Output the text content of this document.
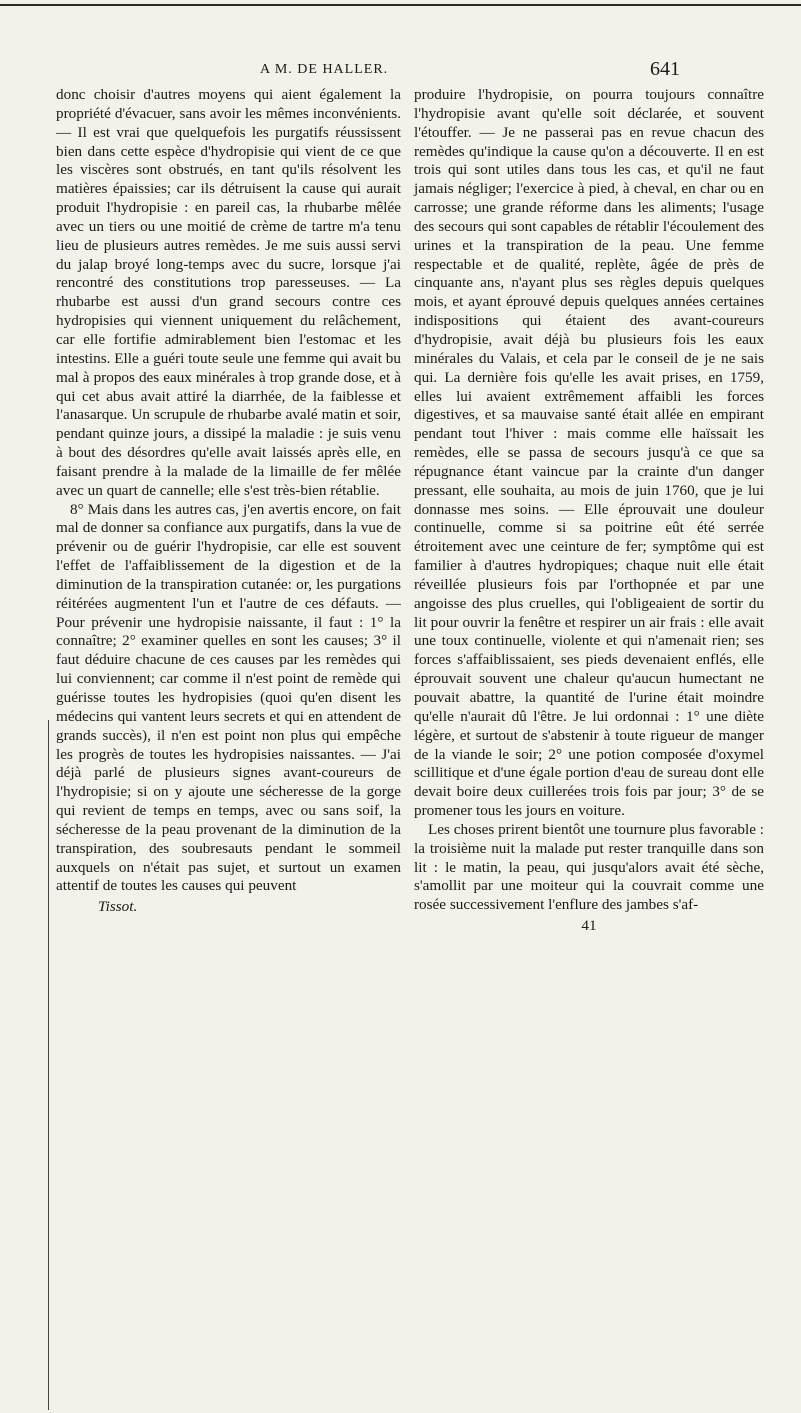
A M. DE HALLER.	641

donc choisir d'autres moyens qui aient également la propriété d'évacuer, sans avoir les mêmes inconvénients. — Il est vrai que quelquefois les purgatifs réussissent bien dans cette espèce d'hydropisie qui vient de ce que les viscères sont obstrués, en tant qu'ils résolvent les matières épaissies; car ils détruisent la cause qui aurait produit l'hydropisie : en pareil cas, la rhubarbe mêlée avec un tiers ou une moitié de crème de tartre m'a tenu lieu de plusieurs autres remèdes. Je me suis aussi servi du jalap broyé long-temps avec du sucre, lorsque j'ai rencontré des constitutions trop paresseuses. — La rhubarbe est aussi d'un grand secours contre ces hydropisies qui viennent uniquement du relâchement, car elle fortifie admirablement bien l'estomac et les intestins. Elle a guéri toute seule une femme qui avait bu mal à propos des eaux minérales à trop grande dose, et à qui cet abus avait attiré la diarrhée, de la faiblesse et l'anasarque. Un scrupule de rhubarbe avalé matin et soir, pendant quinze jours, a dissipé la maladie : je suis venu à bout des désordres qu'elle avait laissés après elle, en faisant prendre à la malade de la limaille de fer mêlée avec un quart de cannelle; elle s'est très-bien rétablie.

8° Mais dans les autres cas, j'en avertis encore, on fait mal de donner sa confiance aux purgatifs, dans la vue de prévenir ou de guérir l'hydropisie, car elle est souvent l'effet de l'affaiblissement de la digestion et de la diminution de la transpiration cutanée: or, les purgations réitérées augmentent l'un et l'autre de ces défauts. — Pour prévenir une hydropisie naissante, il faut : 1° la connaître; 2° examiner quelles en sont les causes; 3° il faut déduire chacune de ces causes par les remèdes qui lui conviennent; car comme il n'est point de remède qui guérisse toutes les hydropisies (quoi qu'en disent les médecins qui vantent leurs secrets et qui en attendent de grands succès), il n'en est point non plus qui empêche les progrès de toutes les hydropisies naissantes. — J'ai déjà parlé de plusieurs signes avant-coureurs de l'hydropisie; si on y ajoute une sécheresse de la gorge qui revient de temps en temps, avec ou sans soif, la sécheresse de la peau provenant de la diminution de la transpiration, des soubresauts pendant le sommeil auxquels on n'était pas sujet, et surtout un examen attentif de toutes les causes qui peuvent

Tissot.

produire l'hydropisie, on pourra toujours connaître l'hydropisie avant qu'elle soit déclarée, et souvent l'étouffer. — Je ne passerai pas en revue chacun des remèdes qu'indique la cause qu'on a découverte. Il en est trois qui sont utiles dans tous les cas, et qu'il ne faut jamais négliger; l'exercice à pied, à cheval, en char ou en carrosse; une grande réforme dans les aliments; l'usage des secours qui sont capables de rétablir l'écoulement des urines et la transpiration de la peau. Une femme respectable et de qualité, replète, âgée de près de cinquante ans, n'ayant plus ses règles depuis quelques mois, et ayant éprouvé depuis quelques années certaines indispositions qui étaient des avant-coureurs d'hydropisie, avait déjà bu plusieurs fois les eaux minérales du Valais, et cela par le conseil de je ne sais qui. La dernière fois qu'elle les avait prises, en 1759, elles lui avaient extrêmement affaibli les forces digestives, et sa mauvaise santé était allée en empirant pendant tout l'hiver : mais comme elle haïssait les remèdes, elle se passa de secours jusqu'à ce que sa répugnance étant vaincue par la crainte d'un danger pressant, elle souhaita, au mois de juin 1760, que je lui donnasse mes soins. — Elle éprouvait une douleur continuelle, comme si sa poitrine eût été serrée étroitement avec une ceinture de fer; symptôme qui est familier à d'autres hydropiques; chaque nuit elle était réveillée plusieurs fois par l'orthopnée et par une angoisse des plus cruelles, qui l'obligeaient de sortir du lit pour ouvrir la fenêtre et respirer un air frais : elle avait une toux continuelle, violente et qui n'amenait rien; ses forces s'affaiblissaient, ses pieds devenaient enflés, elle éprouvait souvent une chaleur qu'aucun humectant ne pouvait abattre, la quantité de l'urine était moindre qu'elle n'aurait dû l'être. Je lui ordonnai : 1° une diète légère, et surtout de s'abstenir à toute rigueur de manger de la viande le soir; 2° une potion composée d'oxymel scillitique et d'une égale portion d'eau de sureau dont elle devait boire deux cuillerées trois fois par jour; 3° de se promener tous les jours en voiture.

Les choses prirent bientôt une tournure plus favorable : la troisième nuit la malade put rester tranquille dans son lit : le matin, la peau, qui jusqu'alors avait été sèche, s'amollit par une moiteur qui la couvrait comme une rosée successivement l'enflure des jambes s'af-

41
